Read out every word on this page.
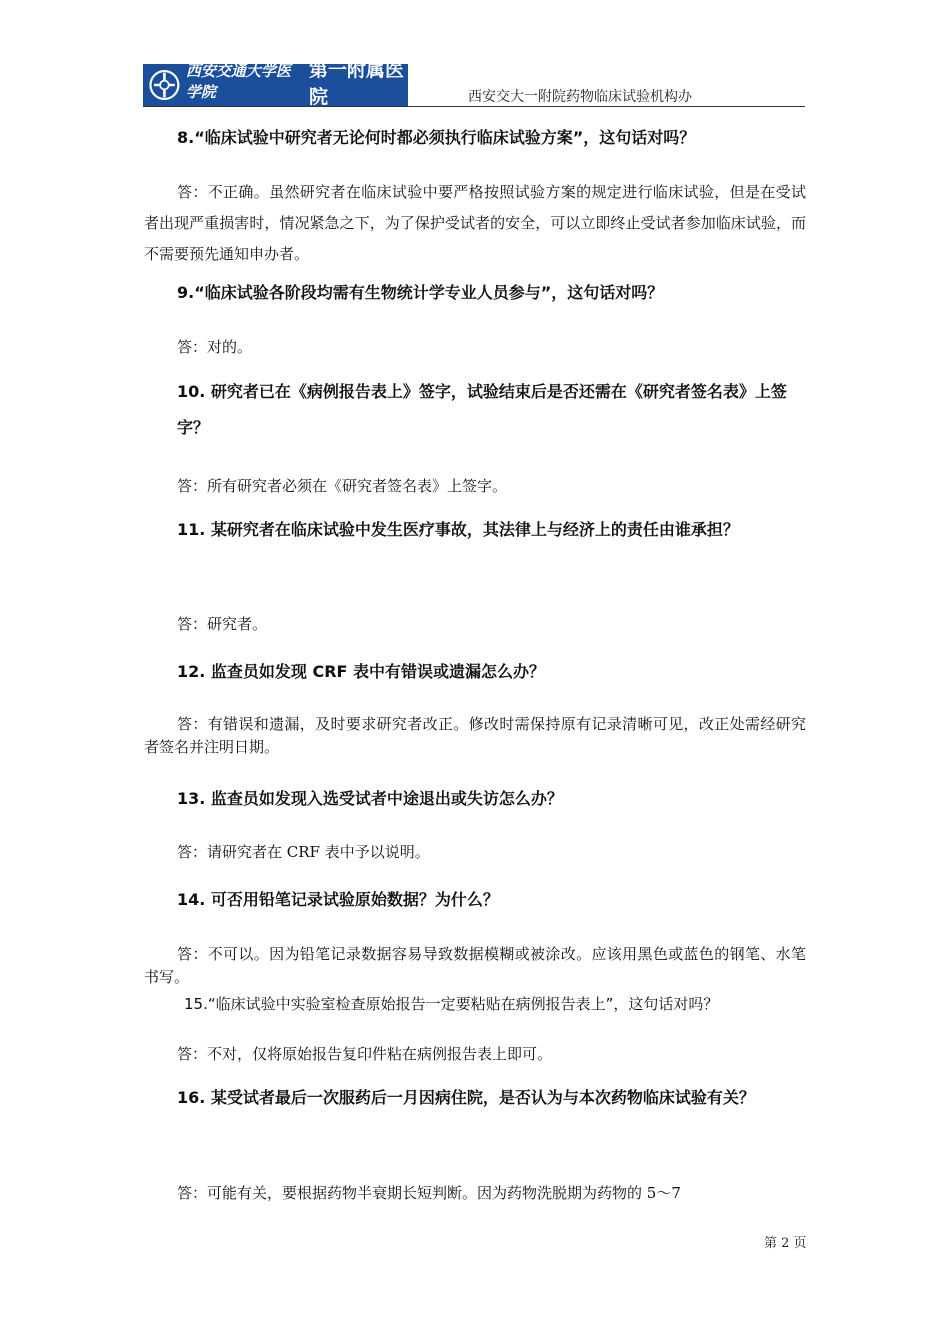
西安交通大学医学院
第一附属医院
FIRST AFFILIATED HOSPITAL OF MEDICAL COLLEGE OF XI'AN JIAOTONG UNIVERSITY
西安交大一附院药物临床试验机构办
8.“临床试验中研究者无论何时都必须执行临床试验方案”，这句话对吗？
答：不正确。虽然研究者在临床试验中要严格按照试验方案的规定进行临床试验，但是在受试者出现严重损害时，情况紧急之下，为了保护受试者的安全，可以立即终止受试者参加临床试验，而不需要预先通知申办者。
9.“临床试验各阶段均需有生物统计学专业人员参与”，这句话对吗？
答：对的。
10. 研究者已在《病例报告表上》签字，试验结束后是否还需在《研究者签名表》上签字？
答：所有研究者必须在《研究者签名表》上签字。
11. 某研究者在临床试验中发生医疗事故，其法律上与经济上的责任由谁承担？
答：研究者。
12. 监查员如发现 CRF 表中有错误或遗漏怎么办？
答：有错误和遗漏，及时要求研究者改正。修改时需保持原有记录清晰可见，改正处需经研究者签名并注明日期。
13. 监查员如发现入选受试者中途退出或失访怎么办？
答：请研究者在 CRF 表中予以说明。
14. 可否用铅笔记录试验原始数据？为什么？
答：不可以。因为铅笔记录数据容易导致数据模糊或被涂改。应该用黑色或蓝色的钢笔、水笔书写。
15.“临床试验中实验室检查原始报告一定要粘贴在病例报告表上”，这句话对吗？
答：不对，仅将原始报告复印件粘在病例报告表上即可。
16. 某受试者最后一次服药后一月因病住院，是否认为与本次药物临床试验有关？
答：可能有关，要根据药物半衰期长短判断。因为药物洗脱期为药物的 5～7
第 2 页
